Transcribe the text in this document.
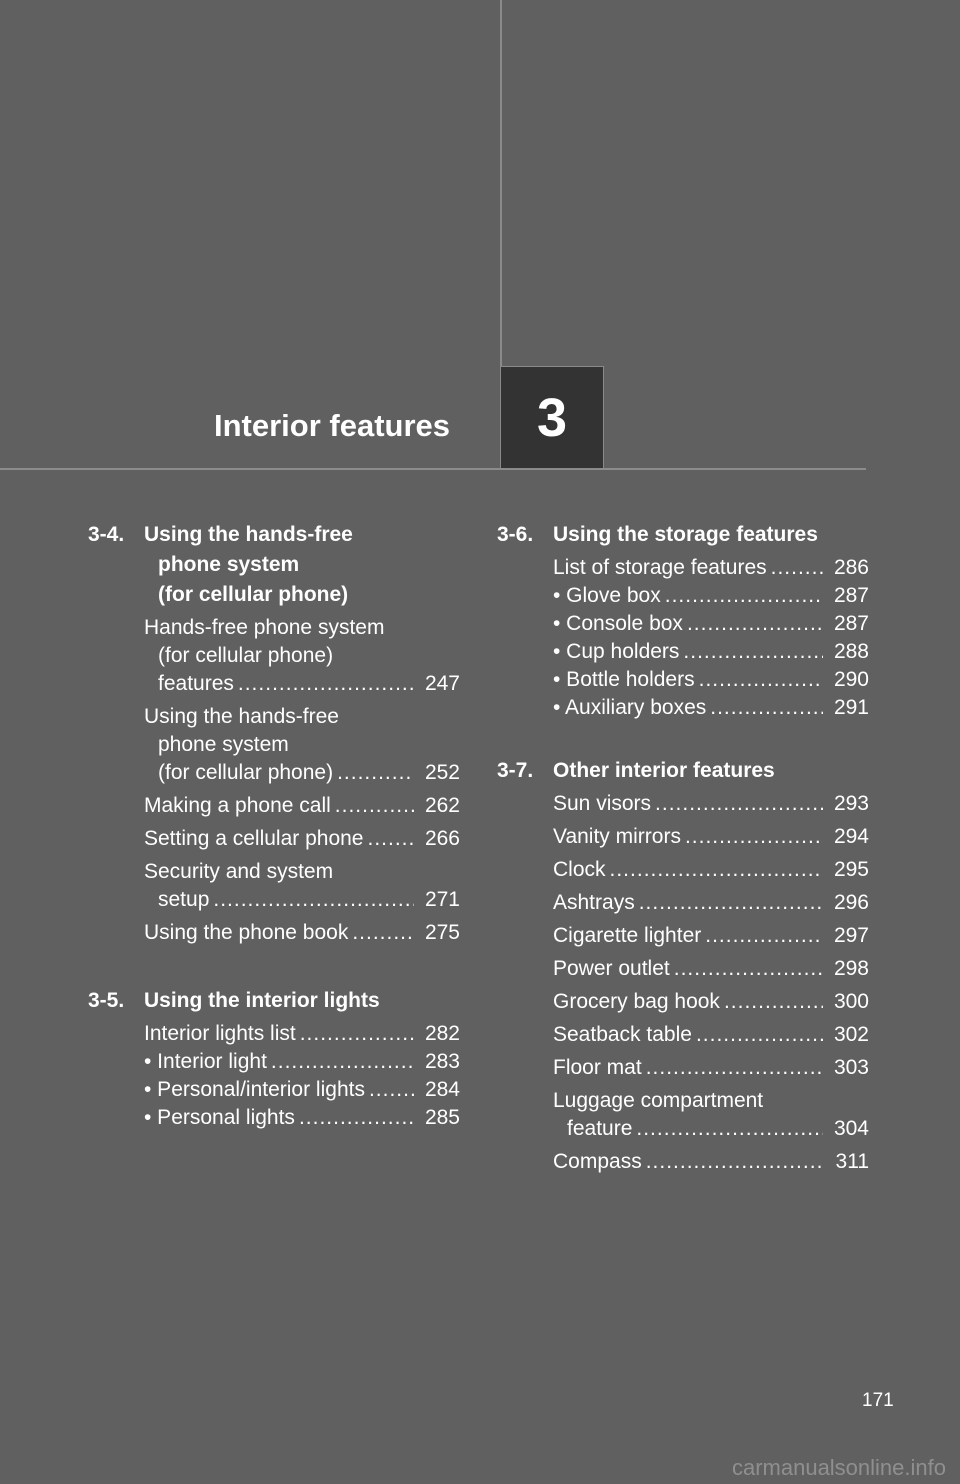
Interior features 3
3-4. Using the hands-free
phone system
(for cellular phone)
Hands-free phone system
(for cellular phone)
features .....	247
Using the hands-free
phone system
(for cellular phone) .....	252
Making a phone call .....	262
Setting a cellular phone .....	266
Security and system
setup .....	271
Using the phone book .....	275
3-5. Using the interior lights
Interior lights list .....	282
• Interior light .....	283
• Personal/interior lights .....	284
• Personal lights .....	285
3-6. Using the storage features
List of storage features .....	286
• Glove box .....	287
• Console box .....	287
• Cup holders .....	288
• Bottle holders .....	290
• Auxiliary boxes .....	291
3-7. Other interior features
Sun visors .....	293
Vanity mirrors .....	294
Clock .....	295
Ashtrays .....	296
Cigarette lighter .....	297
Power outlet .....	298
Grocery bag hook .....	300
Seatback table .....	302
Floor mat .....	303
Luggage compartment
feature .....	304
Compass .....	311
171
carmanualsonline.info
